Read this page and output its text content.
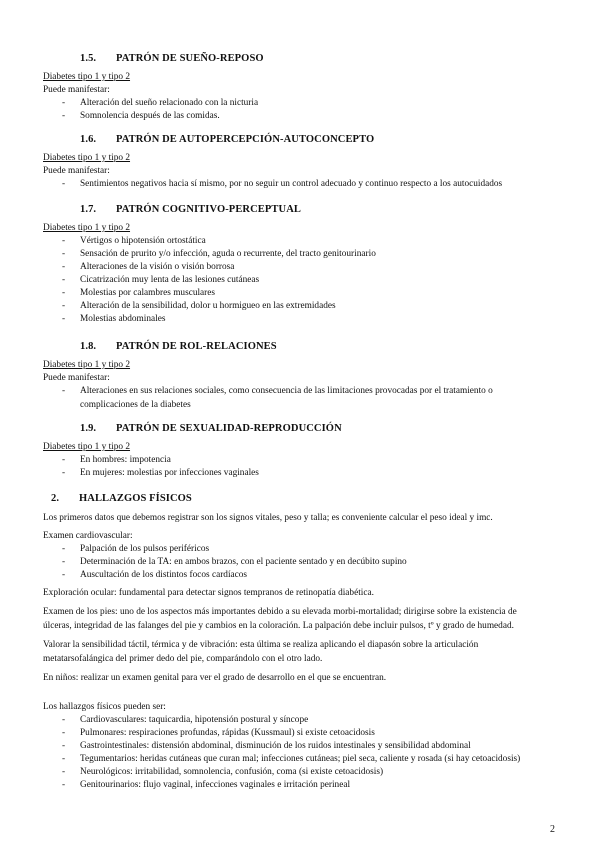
1.5. PATRÓN DE SUEÑO-REPOSO
Diabetes tipo 1 y tipo 2
Puede manifestar:
- Alteración del sueño relacionado con la nicturia
- Somnolencia después de las comidas.
1.6. PATRÓN DE AUTOPERCEPCIÓN-AUTOCONCEPTO
Diabetes tipo 1 y tipo 2
Puede manifestar:
- Sentimientos negativos hacia sí mismo, por no seguir un control adecuado y continuo respecto a los autocuidados
1.7. PATRÓN COGNITIVO-PERCEPTUAL
Diabetes tipo 1 y tipo 2
- Vértigos o hipotensión ortostática
- Sensación de prurito y/o infección, aguda o recurrente, del tracto genitourinario
- Alteraciones de la visión o visión borrosa
- Cicatrización muy lenta de las lesiones cutáneas
- Molestias por calambres musculares
- Alteración de la sensibilidad, dolor u hormigueo en las extremidades
- Molestias abdominales
1.8. PATRÓN DE ROL-RELACIONES
Diabetes tipo 1 y tipo 2
Puede manifestar:
- Alteraciones en sus relaciones sociales, como consecuencia de las limitaciones provocadas por el tratamiento o
complicaciones de la diabetes
1.9. PATRÓN DE SEXUALIDAD-REPRODUCCIÓN
Diabetes tipo 1 y tipo 2
- En hombres: impotencia
- En mujeres: molestias por infecciones vaginales
2. HALLAZGOS FÍSICOS
Los primeros datos que debemos registrar son los signos vitales, peso y talla; es conveniente calcular el peso ideal y imc.
Examen cardiovascular:
- Palpación de los pulsos periféricos
- Determinación de la TA: en ambos brazos, con el paciente sentado y en decúbito supino
- Auscultación de los distintos focos cardíacos
Exploración ocular: fundamental para detectar signos tempranos de retinopatía diabética.
Examen de los pies: uno de los aspectos más importantes debido a su elevada morbi-mortalidad; dirigirse sobre la existencia de
úlceras, integridad de las falanges del pie y cambios en la coloración. La palpación debe incluir pulsos, tº y grado de humedad.
Valorar la sensibilidad táctil, térmica y de vibración: esta última se realiza aplicando el diapasón sobre la articulación
metatarsofalángica del primer dedo del pie, comparándolo con el otro lado.
En niños: realizar un examen genital para ver el grado de desarrollo en el que se encuentran.
Los hallazgos físicos pueden ser:
- Cardiovasculares: taquicardia, hipotensión postural y síncope
- Pulmonares: respiraciones profundas, rápidas (Kussmaul) si existe cetoacidosis
- Gastrointestinales: distensión abdominal, disminución de los ruidos intestinales y sensibilidad abdominal
- Tegumentarios: heridas cutáneas que curan mal; infecciones cutáneas; piel seca, caliente y rosada (si hay cetoacidosis)
- Neurológicos: irritabilidad, somnolencia, confusión, coma (si existe cetoacidosis)
- Genitourinarios: flujo vaginal, infecciones vaginales e irritación perineal
2
